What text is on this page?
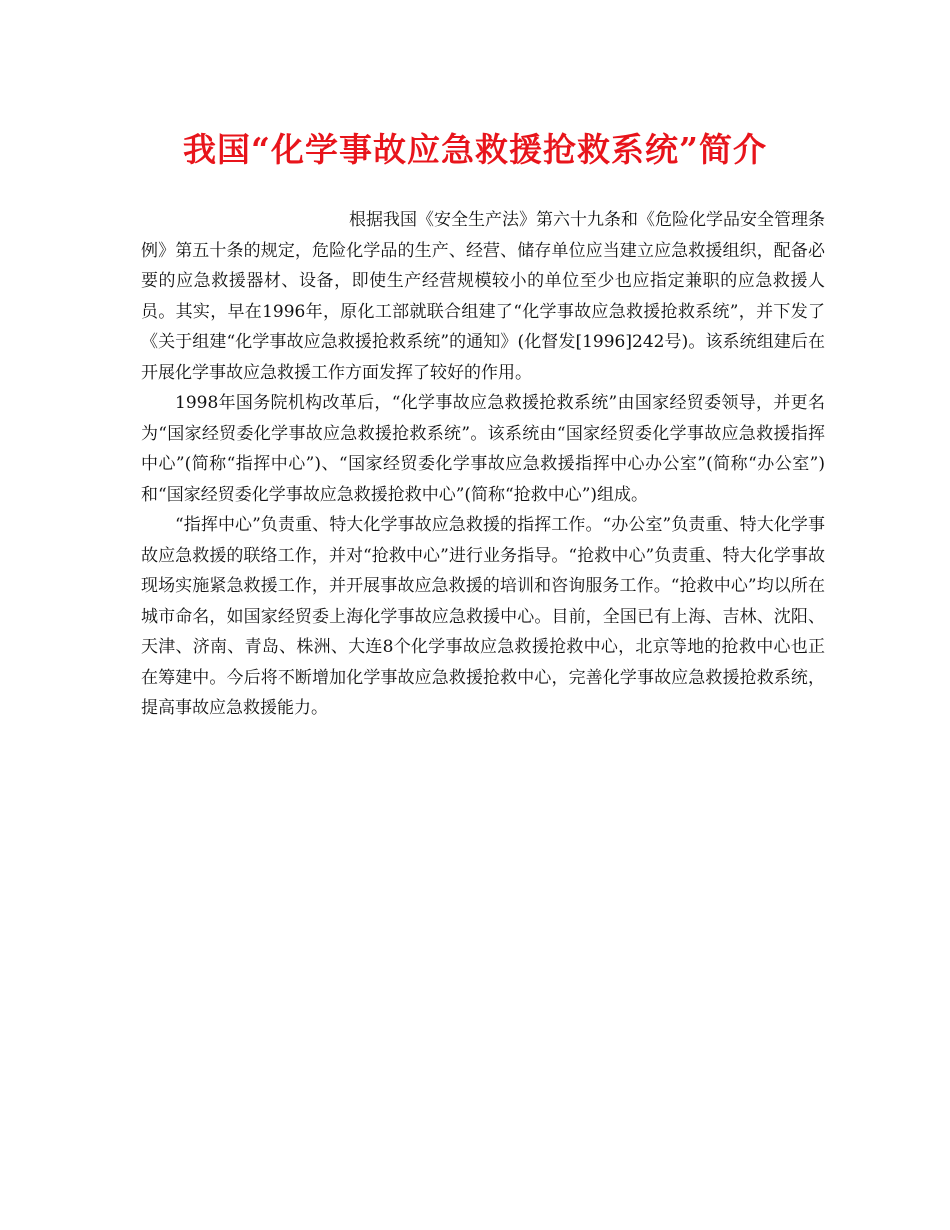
我国“化学事故应急救援抢救系统”简介

根据我国《安全生产法》第六十九条和《危险化学品安全管理条例》第五十条的规定，危险化学品的生产、经营、储存单位应当建立应急救援组织，配备必要的应急救援器材、设备，即使生产经营规模较小的单位至少也应指定兼职的应急救援人员。其实，早在1996年，原化工部就联合组建了“化学事故应急救援抢救系统”，并下发了《关于组建“化学事故应急救援抢救系统”的通知》(化督发[1996]242号)。该系统组建后在开展化学事故应急救援工作方面发挥了较好的作用。

1998年国务院机构改革后，“化学事故应急救援抢救系统”由国家经贸委领导，并更名为“国家经贸委化学事故应急救援抢救系统”。该系统由“国家经贸委化学事故应急救援指挥中心”(简称“指挥中心”)、“国家经贸委化学事故应急救援指挥中心办公室”(简称“办公室”)和“国家经贸委化学事故应急救援抢救中心”(简称“抢救中心”)组成。

“指挥中心”负责重、特大化学事故应急救援的指挥工作。“办公室”负责重、特大化学事故应急救援的联络工作，并对“抢救中心”进行业务指导。“抢救中心”负责重、特大化学事故现场实施紧急救援工作，并开展事故应急救援的培训和咨询服务工作。“抢救中心”均以所在城市命名，如国家经贸委上海化学事故应急救援中心。目前，全国已有上海、吉林、沈阳、天津、济南、青岛、株洲、大连8个化学事故应急救援抢救中心，北京等地的抢救中心也正在筹建中。今后将不断增加化学事故应急救援抢救中心，完善化学事故应急救援抢救系统，提高事故应急救援能力。
